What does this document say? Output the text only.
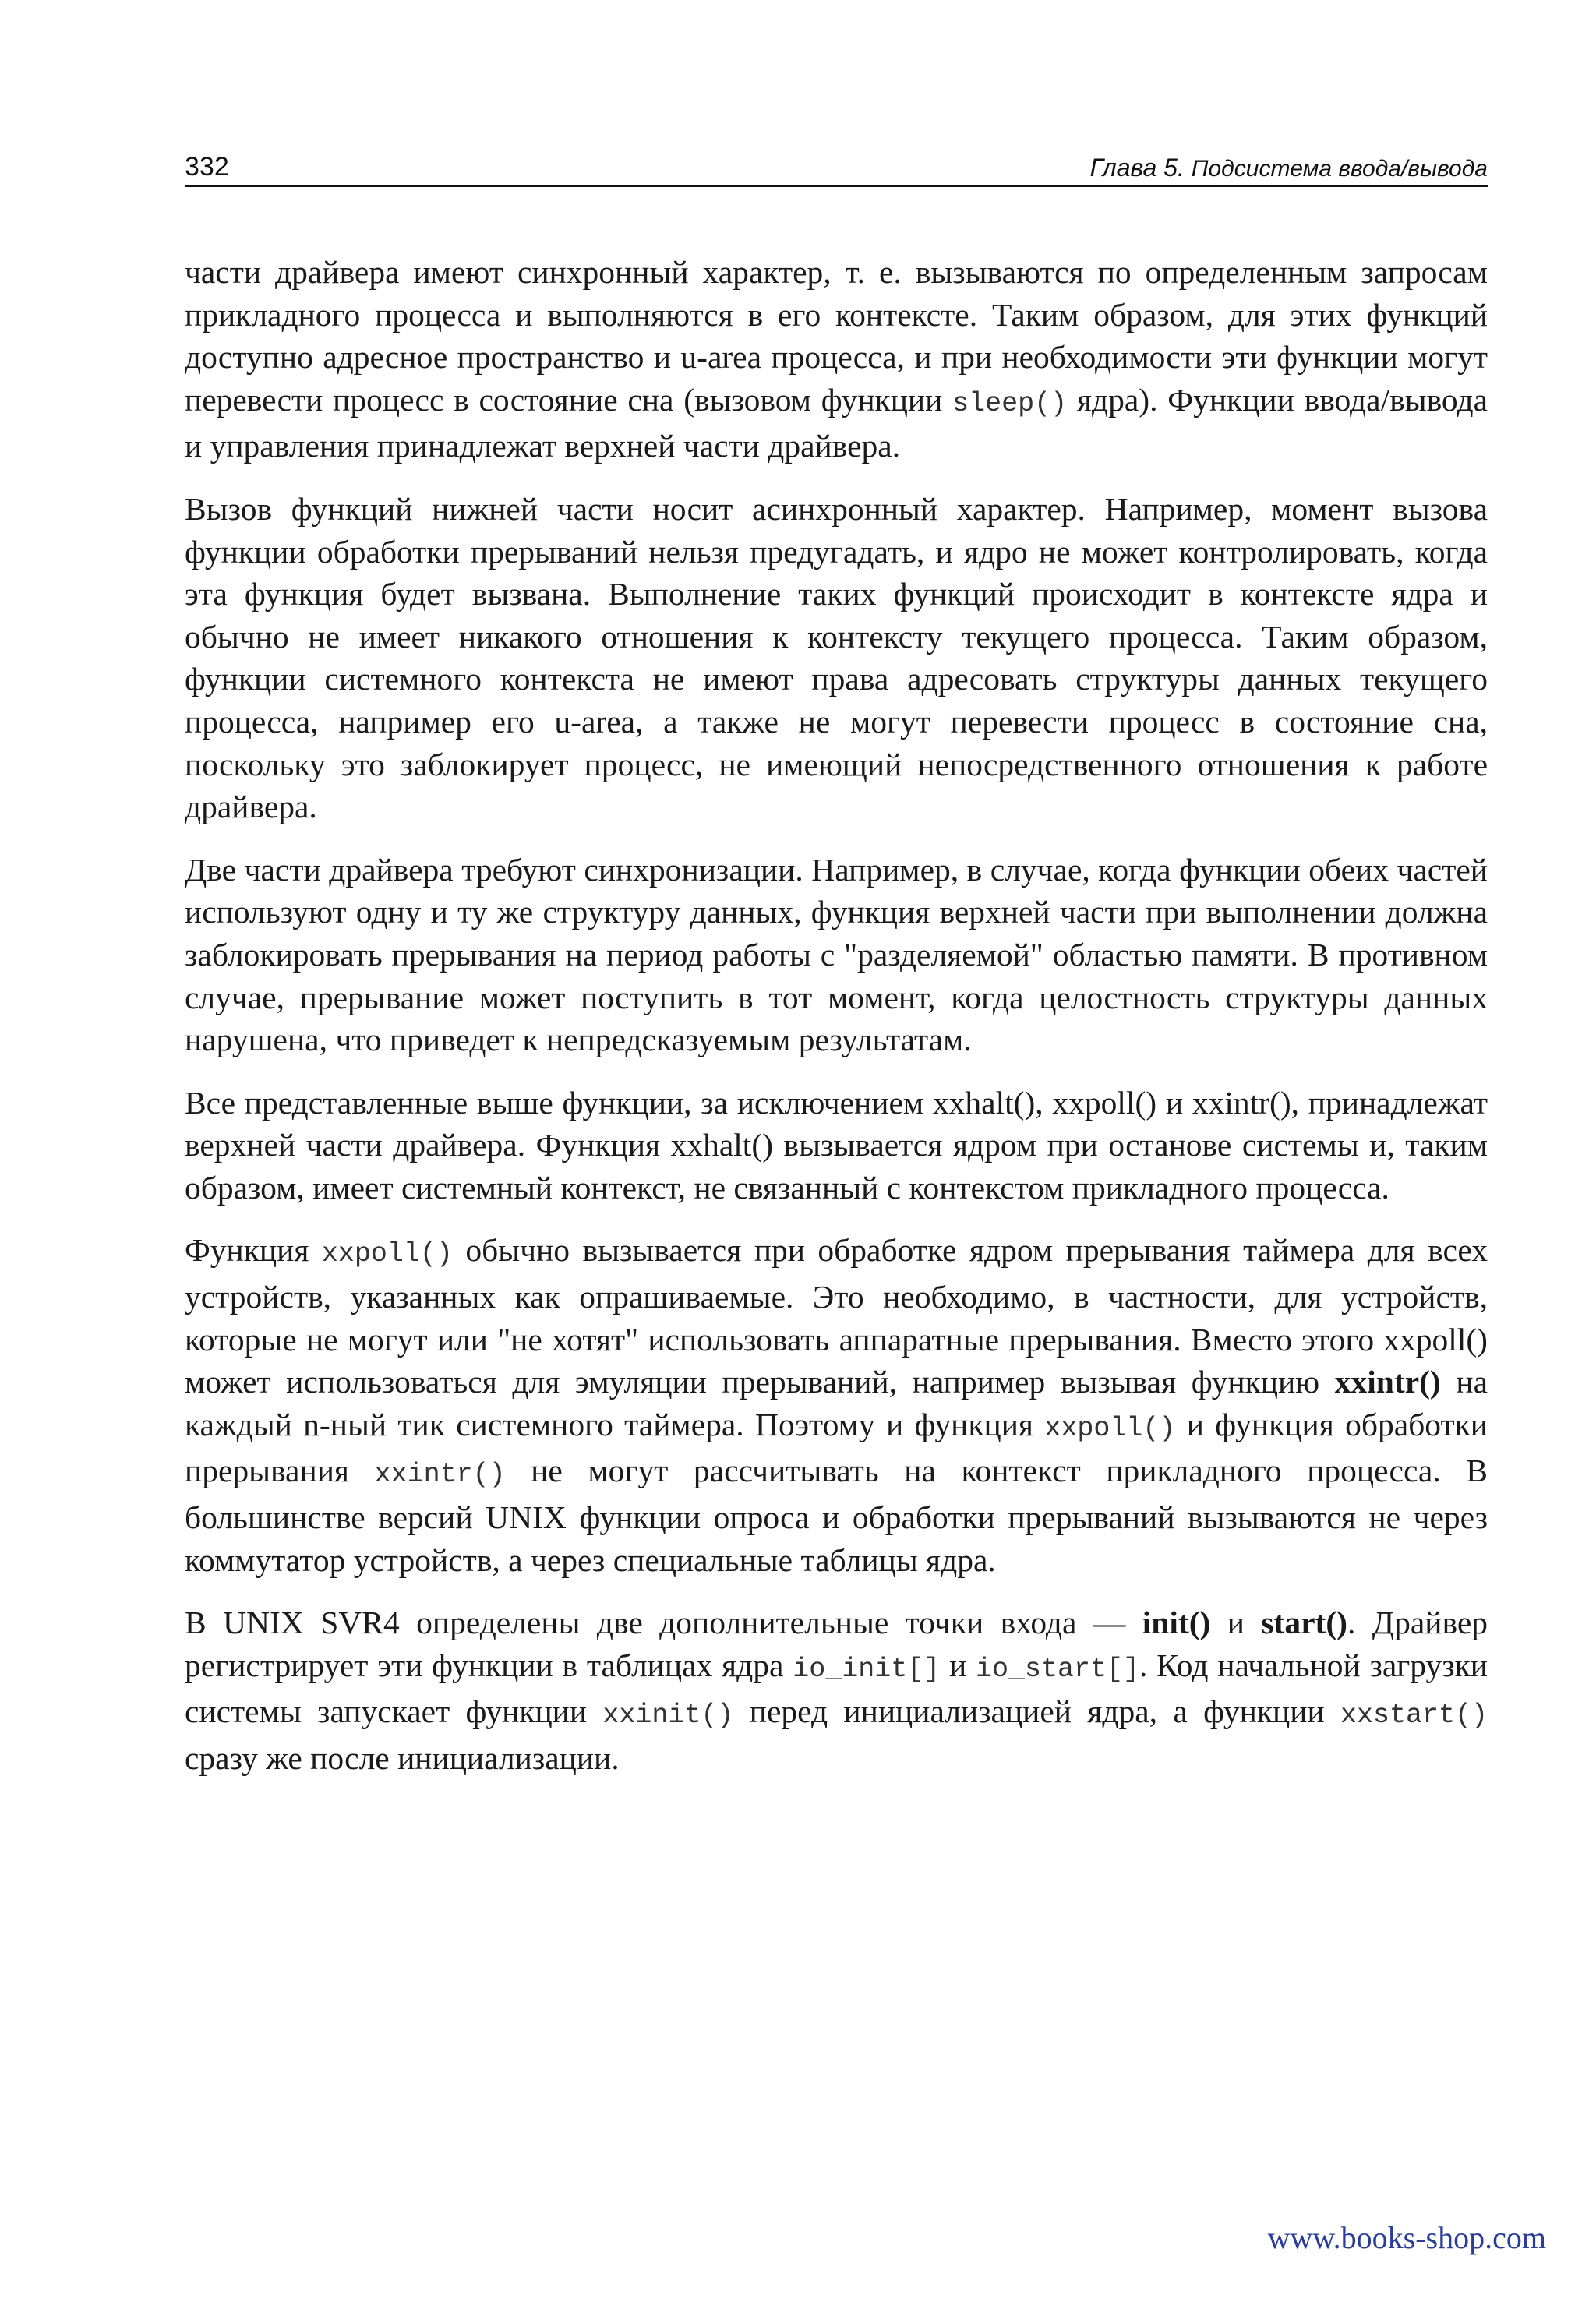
332	Глава 5. Подсистема ввода/вывода

части драйвера имеют синхронный характер, т. е. вызываются по определенным запросам прикладного процесса и выполняются в его контексте. Таким образом, для этих функций доступно адресное пространство и u-area процесса, и при необходимости эти функции могут перевести процесс в состояние сна (вызовом функции sleep() ядра). Функции ввода/вывода и управления принадлежат верхней части драйвера.

Вызов функций нижней части носит асинхронный характер. Например, момент вызова функции обработки прерываний нельзя предугадать, и ядро не может контролировать, когда эта функция будет вызвана. Выполнение таких функций происходит в контексте ядра и обычно не имеет никакого отношения к контексту текущего процесса. Таким образом, функции системного контекста не имеют права адресовать структуры данных текущего процесса, например его u-area, а также не могут перевести процесс в состояние сна, поскольку это заблокирует процесс, не имеющий непосредственного отношения к работе драйвера.

Две части драйвера требуют синхронизации. Например, в случае, когда функции обеих частей используют одну и ту же структуру данных, функция верхней части при выполнении должна заблокировать прерывания на период работы с "разделяемой" областью памяти. В противном случае, прерывание может поступить в тот момент, когда целостность структуры данных нарушена, что приведет к непредсказуемым результатам.

Все представленные выше функции, за исключением xxhalt(), xxpoll() и xxintr(), принадлежат верхней части драйвера. Функция xxhalt() вызывается ядром при останове системы и, таким образом, имеет системный контекст, не связанный с контекстом прикладного процесса.

Функция xxpoll() обычно вызывается при обработке ядром прерывания таймера для всех устройств, указанных как опрашиваемые. Это необходимо, в частности, для устройств, которые не могут или "не хотят" использовать аппаратные прерывания. Вместо этого xxpoll() может использоваться для эмуляции прерываний, например вызывая функцию xxintr() на каждый n-ный тик системного таймера. Поэтому и функция xxpoll() и функция обработки прерывания xxintr() не могут рассчитывать на контекст прикладного процесса. В большинстве версий UNIX функции опроса и обработки прерываний вызываются не через коммутатор устройств, а через специальные таблицы ядра.

В UNIX SVR4 определены две дополнительные точки входа — init() и start(). Драйвер регистрирует эти функции в таблицах ядра io_init[] и io_start[]. Код начальной загрузки системы запускает функции xxinit() перед инициализацией ядра, а функции xxstart() сразу же после инициализации.

www.books-shop.com
